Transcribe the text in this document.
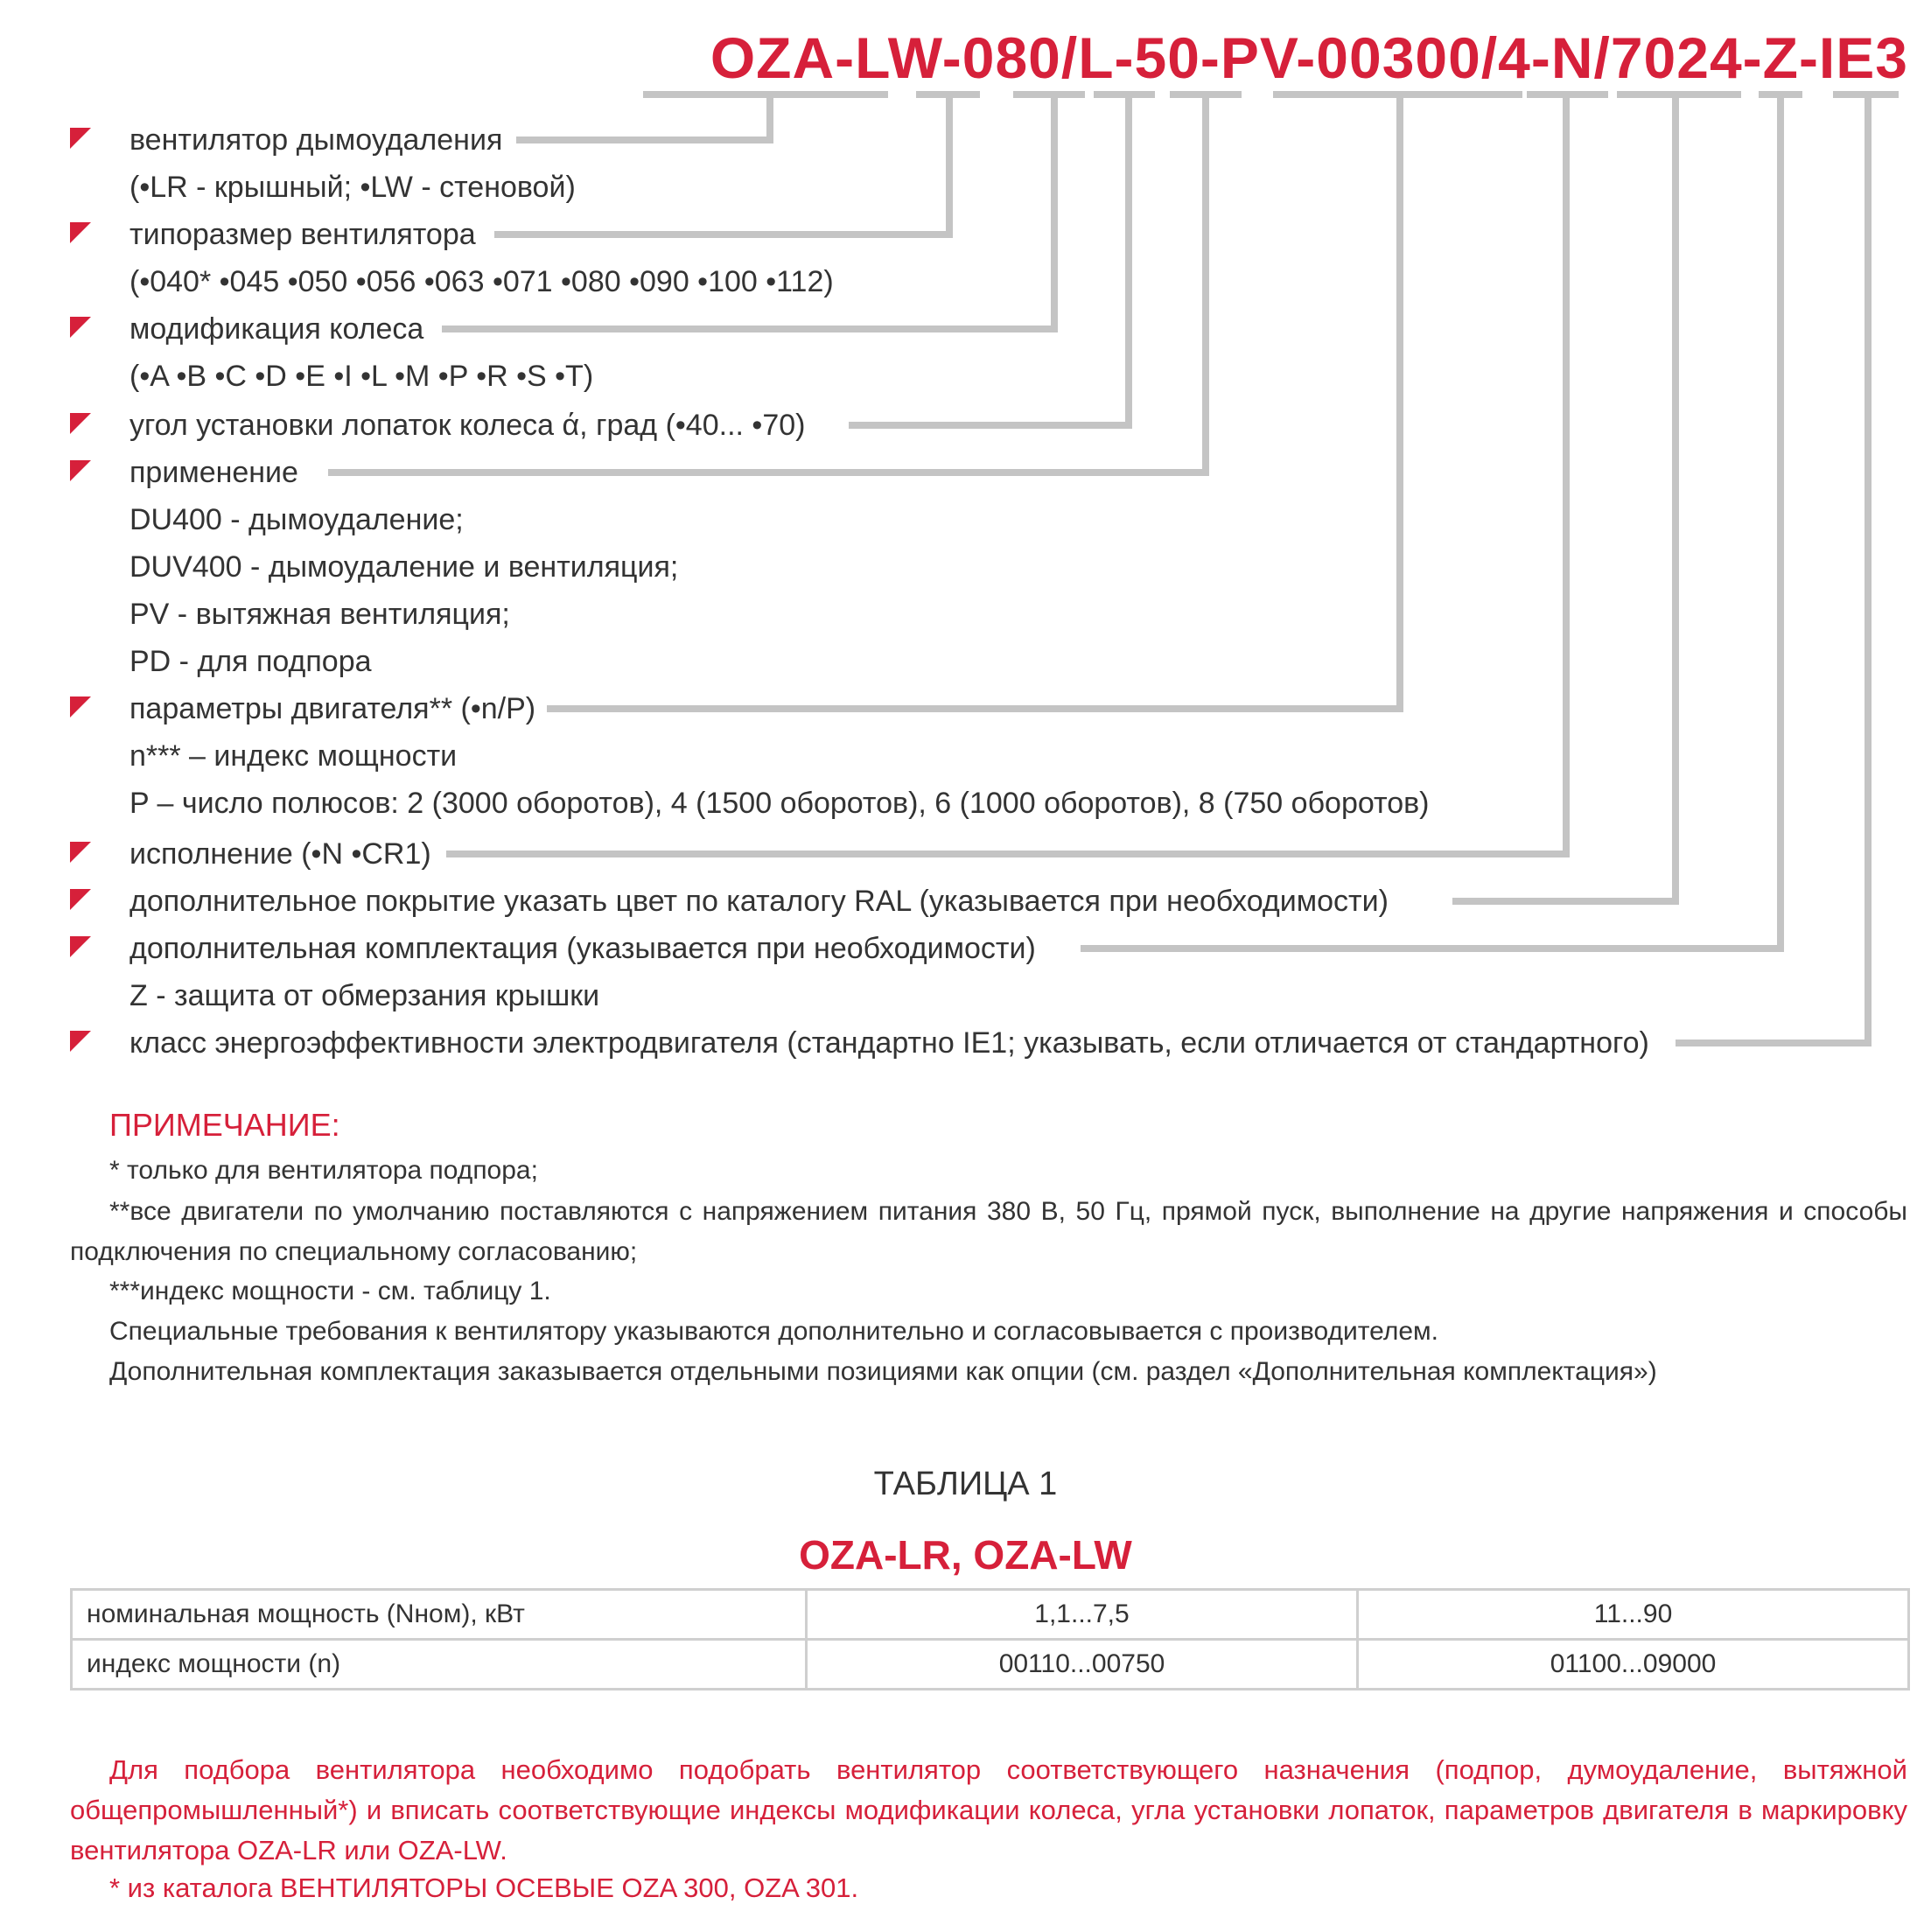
OZA-LW-080/L-50-PV-00300/4-N/7024-Z-IE3
вентилятор дымоудаления
(•LR - крышный; •LW - стеновой)
типоразмер вентилятора
(•040* •045 •050 •056 •063 •071 •080 •090 •100 •112)
модификация колеса
(•A •B •C •D •E •I •L •M •P •R •S •T)
угол установки лопаток колеса ά, град (•40... •70)
применение
DU400 - дымоудаление;
DUV400 - дымоудаление и вентиляция;
PV - вытяжная вентиляция;
PD - для подпора
параметры двигателя** (•n/P)
n*** – индекс мощности
P – число полюсов: 2 (3000 оборотов), 4 (1500 оборотов), 6 (1000 оборотов), 8 (750 оборотов)
исполнение (•N •CR1)
дополнительное покрытие указать цвет по каталогу RAL (указывается при необходимости)
дополнительная комплектация (указывается при необходимости)
Z - защита от обмерзания крышки
класс энергоэффективности электродвигателя (стандартно IE1; указывать, если отличается от стандартного)
ПРИМЕЧАНИЕ:
* только для вентилятора подпора;
**все двигатели по умолчанию поставляются с напряжением питания 380 В, 50 Гц, прямой пуск, выполнение на другие напряжения и способы подключения по специальному согласованию;
***индекс мощности - см. таблицу 1.
Специальные требования к вентилятору указываются дополнительно и согласовывается с производителем.
Дополнительная комплектация заказывается отдельными позициями как опции (см. раздел «Дополнительная комплектация»)
ТАБЛИЦА 1
OZA-LR, OZA-LW
номинальная мощность (Nном), кВт	1,1...7,5	11...90
индекс мощности (n)	00110...00750	01100...09000
Для подбора вентилятора необходимо подобрать вентилятор соответствующего назначения (подпор, думоудаление, вытяжной общепромышленный*) и вписать соответствующие индексы модификации колеса, угла установки лопаток, параметров двигателя в маркировку вентилятора OZA-LR или OZA-LW.
* из каталога ВЕНТИЛЯТОРЫ ОСЕВЫЕ OZA 300, OZA 301.
